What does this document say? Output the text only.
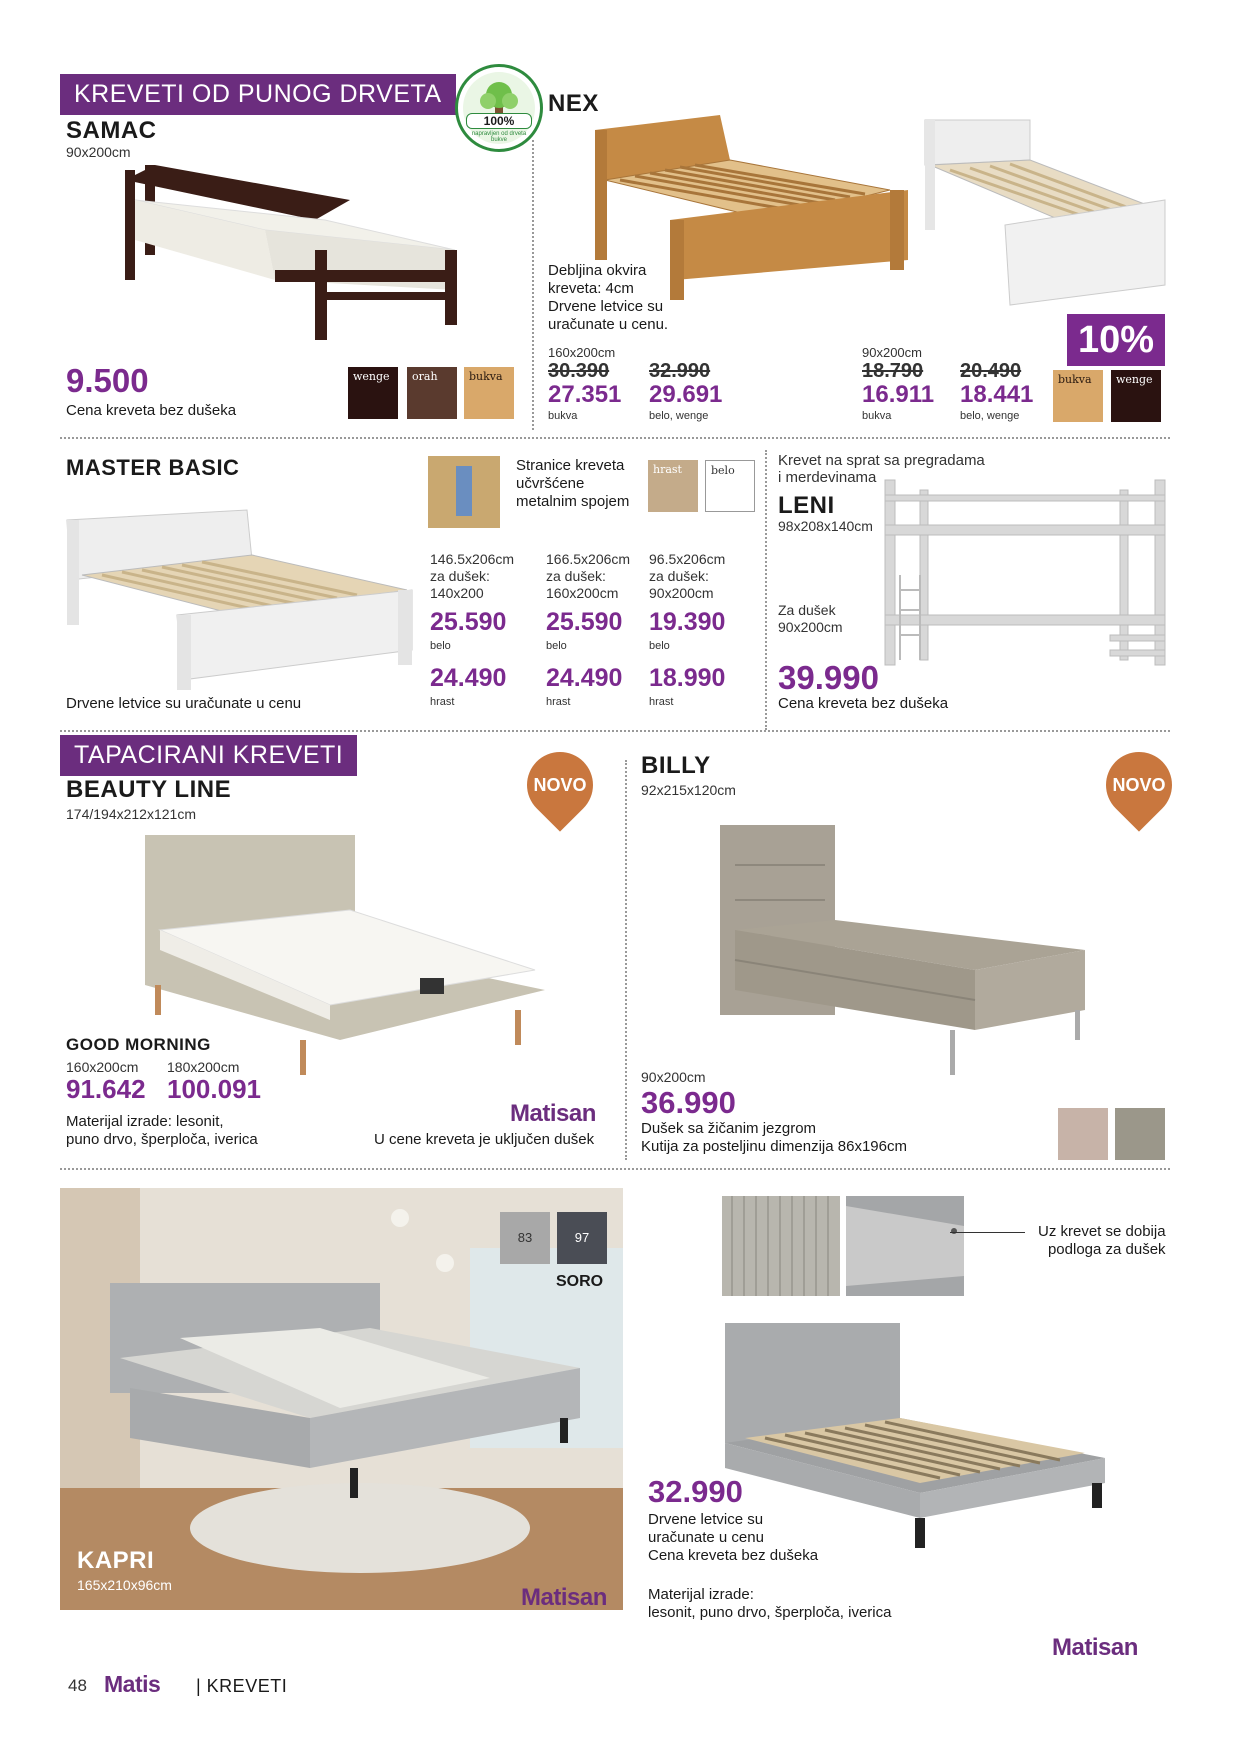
KREVETI OD PUNOG DRVETA
100%
napravljen od drveta bukve
SAMAC
90x200cm
9.500
Cena kreveta bez dušeka
wenge	orah	bukva
NEX
Debljina okvira
kreveta: 4cm
Drvene letvice su
uračunate u cenu.	10%
160x200cm
30.390
27.351
bukva
32.990
29.691
belo, wenge
90x200cm
18.790
16.911
bukva
20.490
18.441
belo, wenge
bukva	wenge
MASTER BASIC
Drvene letvice su uračunate u cenu
Stranice kreveta
učvršćene
metalnim spojem
hrast	belo
146.5x206cm
za dušek:
140x200
25.590
belo
24.490
hrast
166.5x206cm
za dušek:
160x200cm
25.590
belo
24.490
hrast
96.5x206cm
za dušek:
90x200cm
19.390
belo
18.990
hrast
Krevet na sprat sa pregradama
i merdevinama
LENI
98x208x140cm
Za dušek
90x200cm
39.990
Cena kreveta bez dušeka
TAPACIRANI KREVETI
BEAUTY LINE
174/194x212x121cm
NOVO
GOOD MORNING
160x200cm
91.642
180x200cm
100.091
Materijal izrade: lesonit,
puno drvo, šperploča, iverica
Matisan
U cene kreveta je uključen dušek
BILLY
92x215x120cm	NOVO
90x200cm
36.990
Dušek sa žičanim jezgrom
Kutija za posteljinu dimenzija 86x196cm
KAPRI
165x210x96cm	Matisan
83	97
SORO
Uz krevet se dobija
podloga za dušek
32.990
Drvene letvice su
uračunate u cenu
Cena kreveta bez dušeka
Materijal izrade:
lesonit, puno drvo, šperploča, iverica
Matisan
48 Matis | KREVETI
